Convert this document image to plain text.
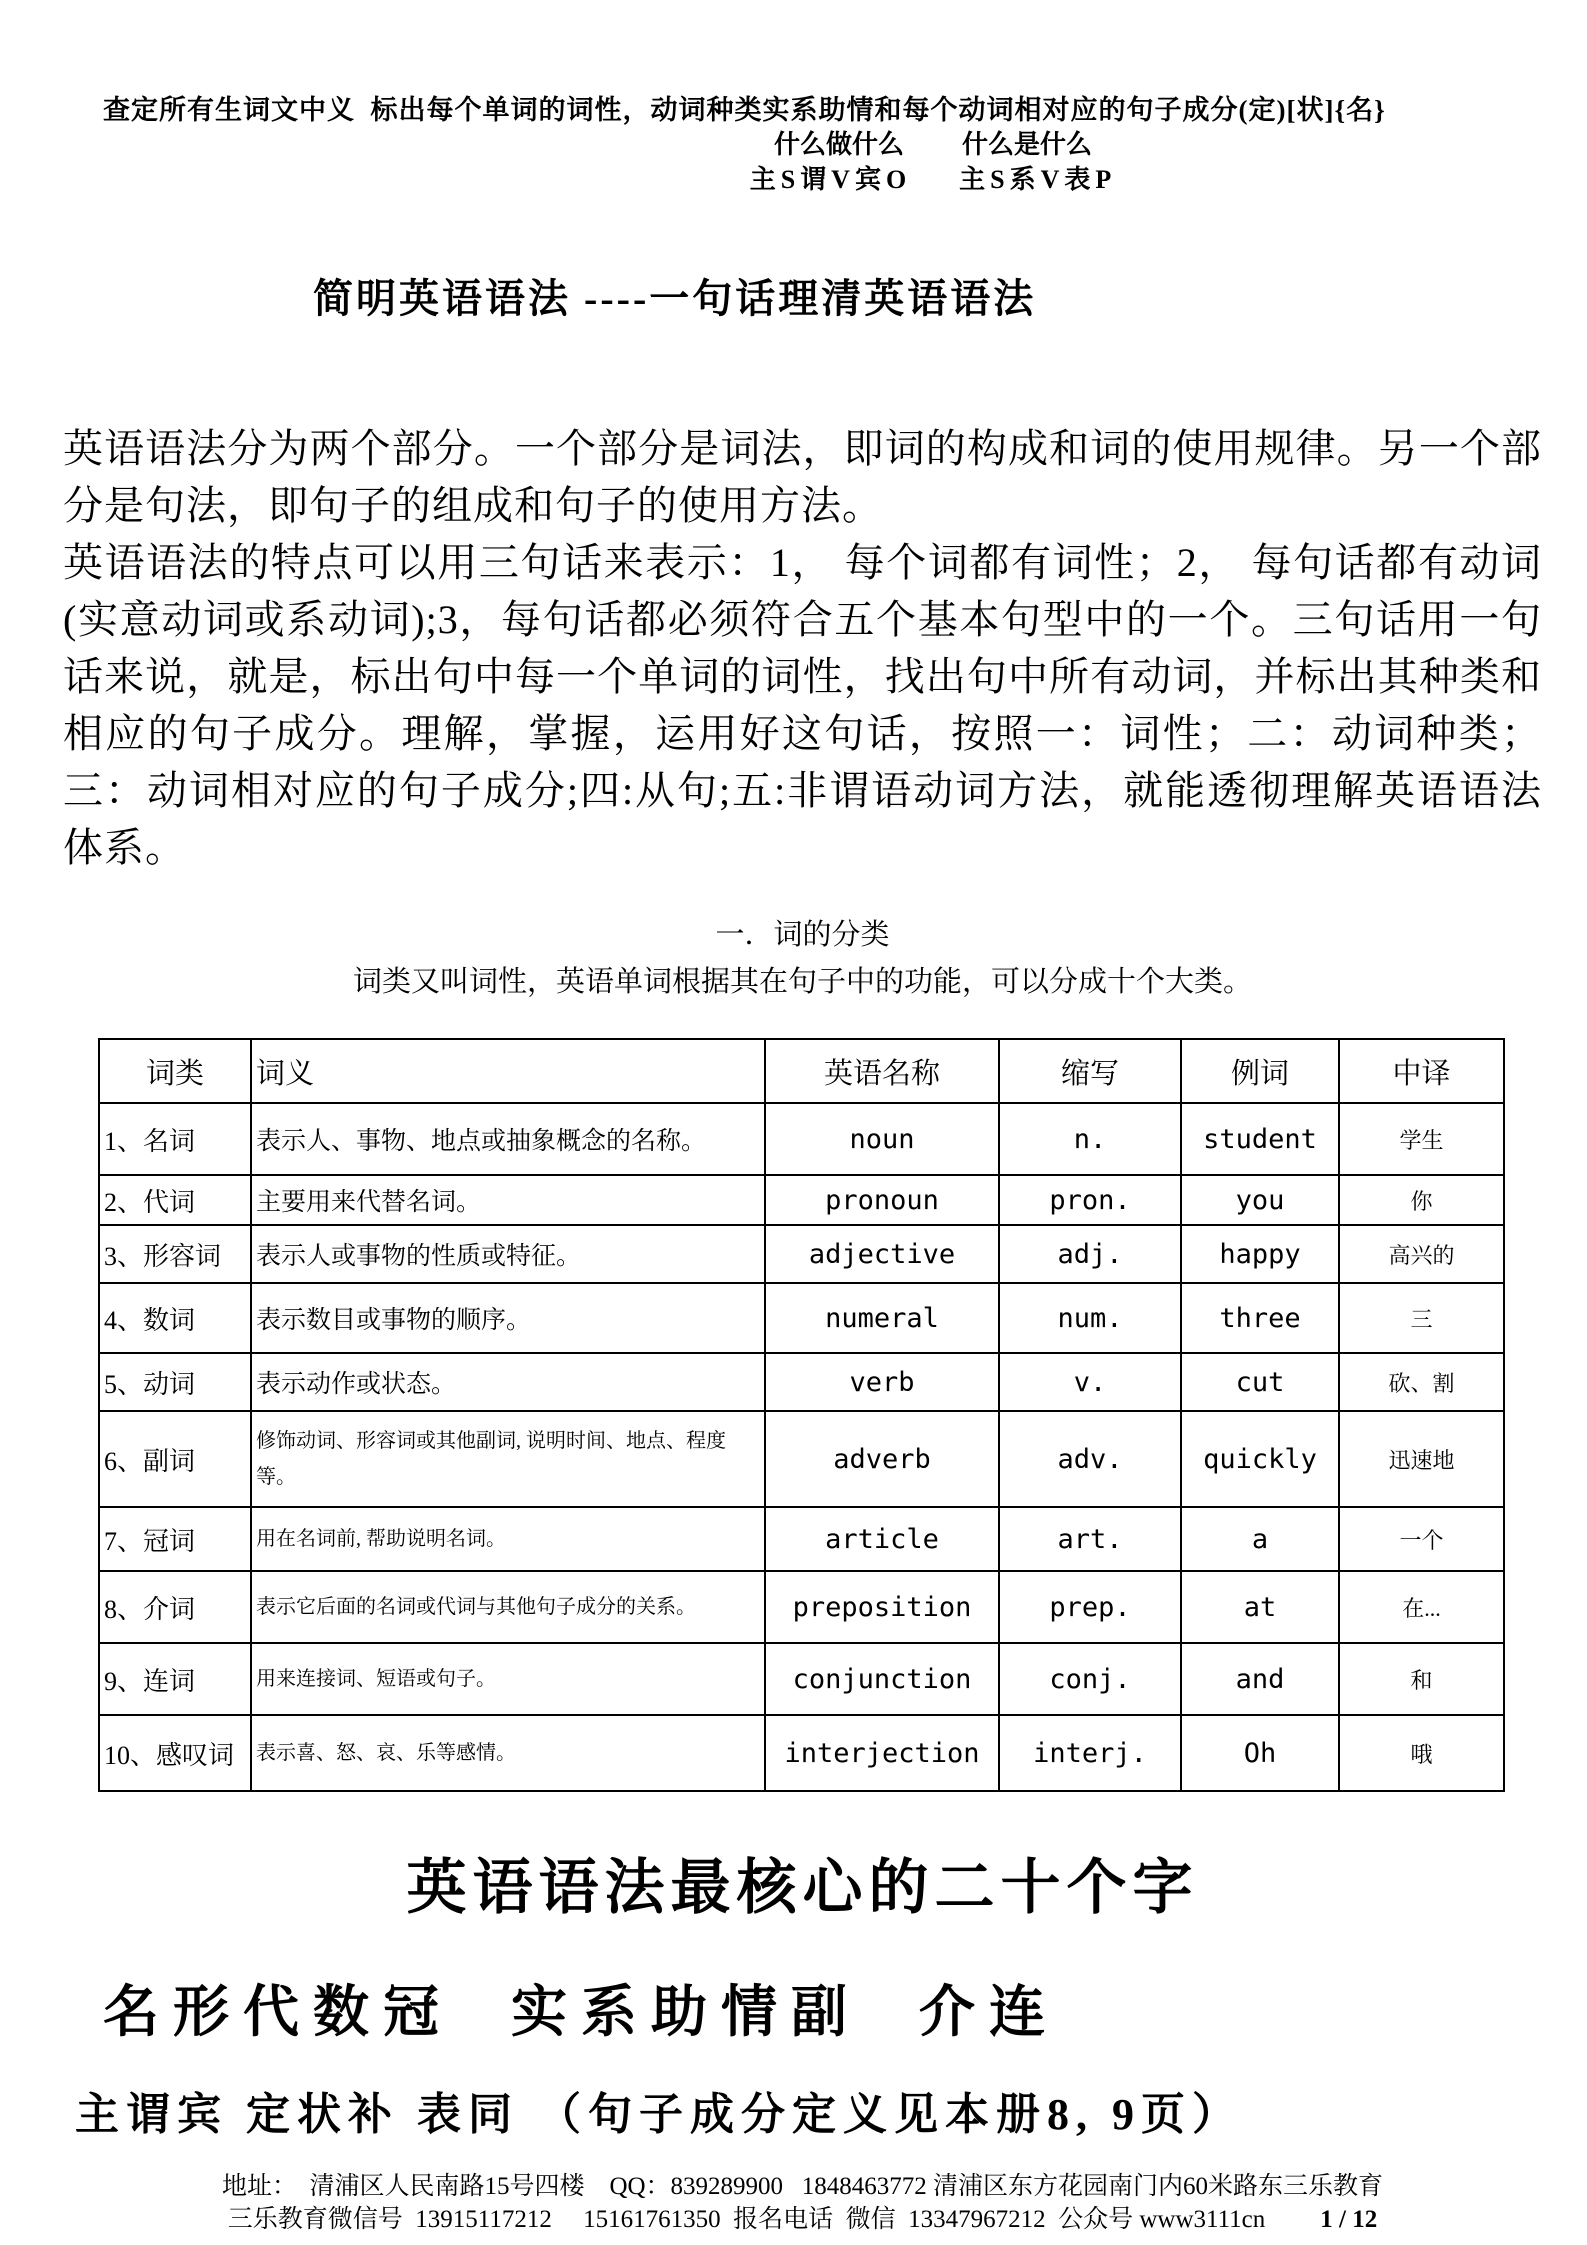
查定所有生词文中义  标出每个单词的词性，动词种类实系助情和每个动词相对应的句子成分(定)[状]{名}
什么做什么 什么是什么
主S谓V宾O 主S系V表P
简明英语语法 ----一句话理清英语语法

英语语法分为两个部分。一个部分是词法，即词的构成和词的使用规律。另一个部分是句法，即句子的组成和句子的使用方法。

英语语法的特点可以用三句话来表示：1， 每个词都有词性；2， 每句话都有动词(实意动词或系动词);3，每句话都必须符合五个基本句型中的一个。三句话用一句话来说，就是，标出句中每一个单词的词性，找出句中所有动词，并标出其种类和相应的句子成分。理解，掌握，运用好这句话，按照一：词性；二：动词种类；三：动词相对应的句子成分;四:从句;五:非谓语动词方法，就能透彻理解英语语法体系。

一．词的分类
词类又叫词性，英语单词根据其在句子中的功能，可以分成十个大类。
词类	词义	英语名称	缩写	例词	中译
1、名词	表示人、事物、地点或抽象概念的名称。	noun	n.	student	学生
2、代词	主要用来代替名词。	pronoun	pron.	you	你
3、形容词	表示人或事物的性质或特征。	adjective	adj.	happy	高兴的
4、数词	表示数目或事物的顺序。	numeral	num.	three	三
5、动词	表示动作或状态。	verb	v.	cut	砍、割
6、副词	修饰动词、形容词或其他副词, 说明时间、地点、程度等。	adverb	adv.	quickly	迅速地
7、冠词	用在名词前, 帮助说明名词。	article	art.	a	一个
8、介词	表示它后面的名词或代词与其他句子成分的关系。	preposition	prep.	at	在...
9、连词	用来连接词、短语或句子。	conjunction	conj.	and	和
10、感叹词	表示喜、怒、哀、乐等感情。	interjection	interj.	Oh	哦
英语语法最核心的二十个字
名形代数冠 实系助情副 介连
主谓宾 定状补 表同 （句子成分定义见本册8, 9页）
地址：  清浦区人民南路15号四楼    QQ：839289900   1848463772 清浦区东方花园南门内60米路东三乐教育
三乐教育微信号  13915117212     15161761350  报名电话  微信  13347967212  公众号 www3111cn 1 / 12
